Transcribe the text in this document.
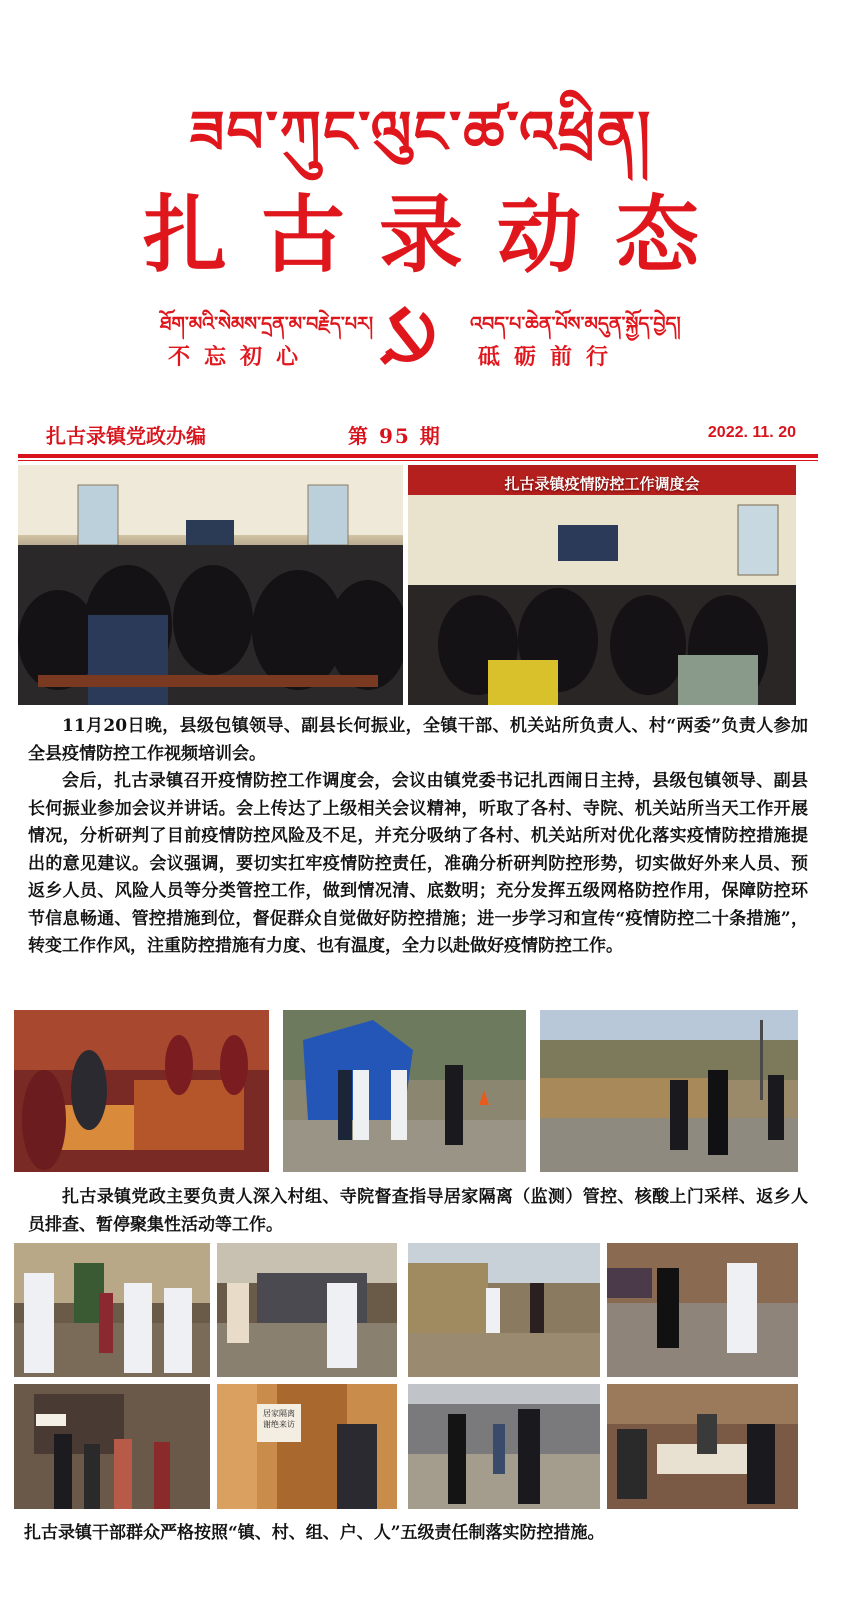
ཟབ་ཀུང་ལུང་ཚ་འཕྲིན།
扎古录动态
ཐོག་མའི་སེམས་དྲན་མ་བརྗེད་པར།	འབད་པ་ཆེན་པོས་མདུན་སྐྱོད་བྱེད།
不忘初心	砥砺前行
扎古录镇党政办编	第 95 期	2022. 11. 20
扎古录镇疫情防控工作调度会

11月20日晚，县级包镇领导、副县长何振业，全镇干部、机关站所负责人、村“两委”负责人参加全县疫情防控工作视频培训会。

会后，扎古录镇召开疫情防控工作调度会，会议由镇党委书记扎西闹日主持，县级包镇领导、副县长何振业参加会议并讲话。会上传达了上级相关会议精神，听取了各村、寺院、机关站所当天工作开展情况，分析研判了目前疫情防控风险及不足，并充分吸纳了各村、机关站所对优化落实疫情防控措施提出的意见建议。会议强调，要切实扛牢疫情防控责任，准确分析研判防控形势，切实做好外来人员、预返乡人员、风险人员等分类管控工作，做到情况清、底数明；充分发挥五级网格防控作用，保障防控环节信息畅通、管控措施到位，督促群众自觉做好防控措施；进一步学习和宣传“疫情防控二十条措施”，转变工作作风，注重防控措施有力度、也有温度，全力以赴做好疫情防控工作。

扎古录镇党政主要负责人深入村组、寺院督查指导居家隔离（监测）管控、核酸上门采样、返乡人员排查、暂停聚集性活动等工作。

居家隔离 谢绝来访

扎古录镇干部群众严格按照“镇、村、组、户、人”五级责任制落实防控措施。
